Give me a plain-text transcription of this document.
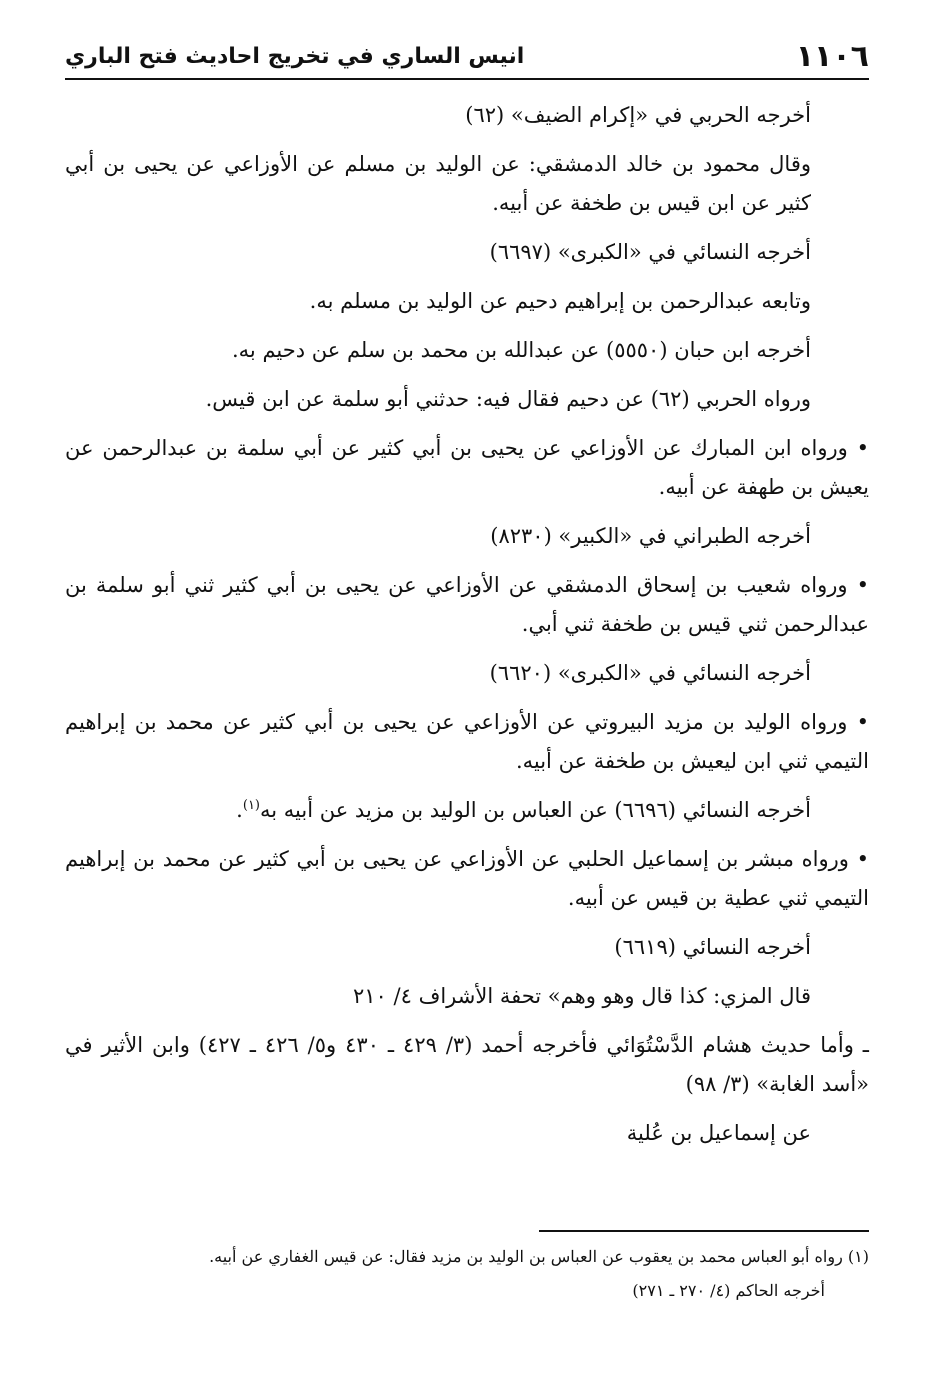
١١٠٦
انيس الساري في تخريج احاديث فتح الباري

أخرجه الحربي في «إكرام الضيف» (٦٢)

وقال محمود بن خالد الدمشقي: عن الوليد بن مسلم عن الأوزاعي عن يحيى بن أبي كثير عن ابن قيس بن طخفة عن أبيه.

أخرجه النسائي في «الكبرى» (٦٦٩٧)

وتابعه عبدالرحمن بن إبراهيم دحيم عن الوليد بن مسلم به.

أخرجه ابن حبان (٥٥٥٠) عن عبدالله بن محمد بن سلم عن دحيم به.

ورواه الحربي (٦٢) عن دحيم فقال فيه: حدثني أبو سلمة عن ابن قيس.

• ورواه ابن المبارك عن الأوزاعي عن يحيى بن أبي كثير عن أبي سلمة بن عبدالرحمن عن يعيش بن طهفة عن أبيه.

أخرجه الطبراني في «الكبير» (٨٢٣٠)

• ورواه شعيب بن إسحاق الدمشقي عن الأوزاعي عن يحيى بن أبي كثير ثني أبو سلمة بن عبدالرحمن ثني قيس بن طخفة ثني أبي.

أخرجه النسائي في «الكبرى» (٦٦٢٠)

• ورواه الوليد بن مزيد البيروتي عن الأوزاعي عن يحيى بن أبي كثير عن محمد بن إبراهيم التيمي ثني ابن ليعيش بن طخفة عن أبيه.

أخرجه النسائي (٦٦٩٦) عن العباس بن الوليد بن مزيد عن أبيه به$^{(١)}$.

• ورواه مبشر بن إسماعيل الحلبي عن الأوزاعي عن يحيى بن أبي كثير عن محمد بن إبراهيم التيمي ثني عطية بن قيس عن أبيه.

أخرجه النسائي (٦٦١٩)

قال المزي: كذا قال وهو وهم» تحفة الأشراف ٤/ ٢١٠

ـ وأما حديث هشام الدَّسْتُوَائي فأخرجه أحمد (٣/ ٤٢٩ ـ ٤٣٠ و٥/ ٤٢٦ ـ ٤٢٧) وابن الأثير في «أسد الغابة» (٣/ ٩٨)

عن إسماعيل بن عُلية

(١) رواه أبو العباس محمد بن يعقوب عن العباس بن الوليد بن مزيد فقال: عن قيس الغفاري عن أبيه.

أخرجه الحاكم (٤/ ٢٧٠ ـ ٢٧١)
